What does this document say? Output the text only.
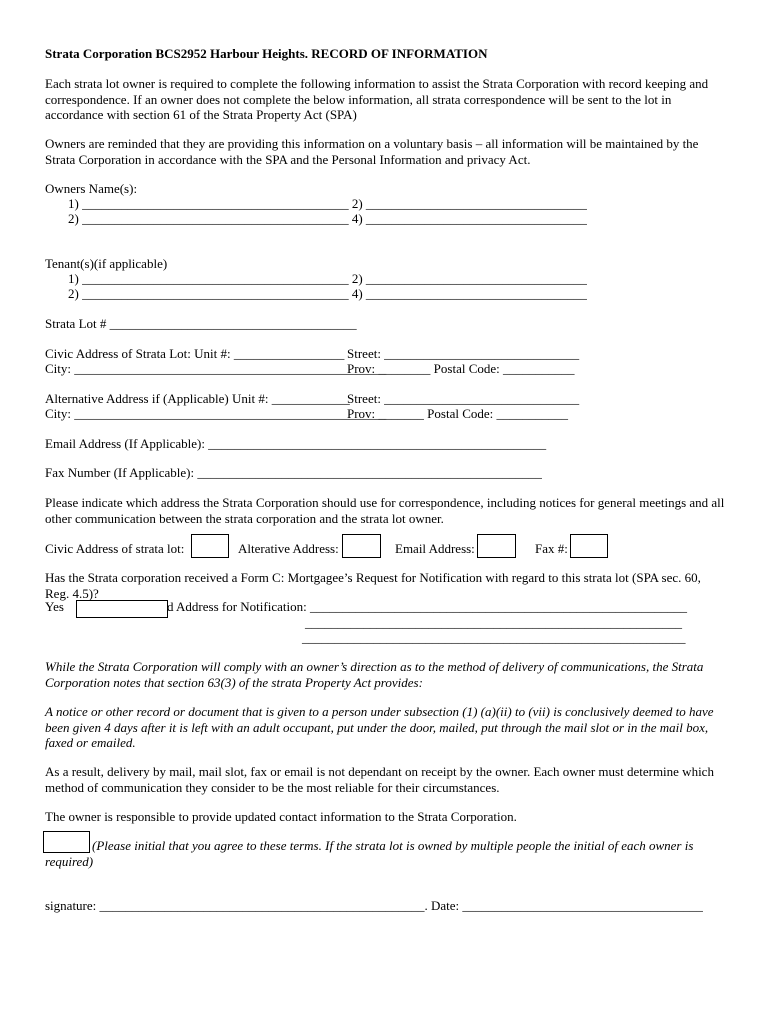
Strata Corporation BCS2952 Harbour Heights. RECORD OF INFORMATION
Each strata lot owner is required to complete the following information to assist the Strata Corporation with record keeping and correspondence. If an owner does not complete the below information, all strata correspondence will be sent to the lot in accordance with section 61 of the Strata Property Act (SPA)
Owners are reminded that they are providing this information on a voluntary basis – all information will be maintained by the Strata Corporation in accordance with the SPA and the Personal Information and privacy Act.
Owners Name(s):
1) _________________________________________ 2) __________________________________
2) _________________________________________ 4) __________________________________
Tenant(s)(if applicable)
1) _________________________________________ 2) __________________________________
2) _________________________________________ 4) __________________________________
Strata Lot # ______________________________________
Civic Address of Strata Lot: Unit #: _________________ Street: ______________________________
City: ________________________________________________
Prov: ________ Postal Code: ___________
Alternative Address if (Applicable) Unit #: ____________
Street: ______________________________
City: ________________________________________________
Prov: _______ Postal Code: ___________
Email Address (If Applicable): ____________________________________________________
Fax Number (If Applicable): _____________________________________________________
Please indicate which address the Strata Corporation should use for correspondence, including notices for general meetings and all other communication between the strata corporation and the strata lot owner.
Civic Address of strata lot:	Alterative Address:	Email Address:	Fax #:
Has the Strata corporation received a Form C: Mortgagee’s Request for Notification with regard to this strata lot (SPA sec. 60, Reg. 4.5)?
Yes	d Address for Notification: __________________________________________________________
__________________________________________________________
___________________________________________________________
While the Strata Corporation will comply with an owner’s direction as to the method of delivery of communications, the Strata Corporation notes that section 63(3) of the strata Property Act provides:
A notice or other record or document that is given to a person under subsection (1) (a)(ii) to (vii) is conclusively deemed to have been given 4 days after it is left with an adult occupant, put under the door, mailed, put through the mail slot or in the mail box, faxed or emailed.
As a result, delivery by mail, mail slot, fax or email is not dependant on receipt by the owner. Each owner must determine which method of communication they consider to be the most reliable for their circumstances.
The owner is responsible to provide updated contact information to the Strata Corporation.
(Please initial that you agree to these terms. If the strata lot is owned by multiple people the initial of each owner is required)
signature: __________________________________________________. Date: _____________________________________
